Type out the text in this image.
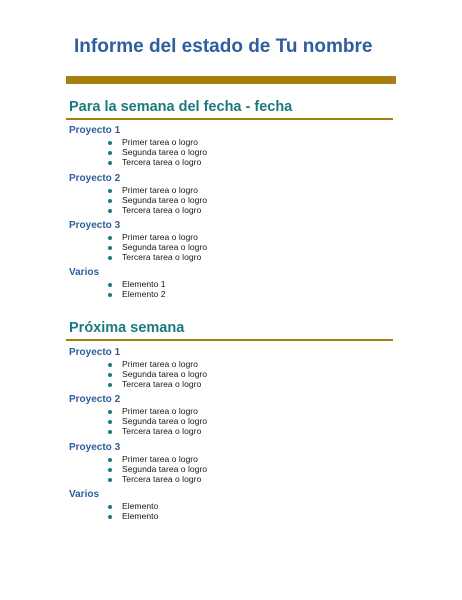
Informe del estado de Tu nombre
Para la semana del fecha - fecha
Proyecto 1
Primer tarea o logro
Segunda tarea o logro
Tercera tarea o logro
Proyecto 2
Primer tarea o logro
Segunda tarea o logro
Tercera tarea o logro
Proyecto 3
Primer tarea o logro
Segunda tarea o logro
Tercera tarea o logro
Varios
Elemento 1
Elemento 2
Próxima semana
Proyecto 1
Primer tarea o logro
Segunda tarea o logro
Tercera tarea o logro
Proyecto 2
Primer tarea o logro
Segunda tarea o logro
Tercera tarea o logro
Proyecto 3
Primer tarea o logro
Segunda tarea o logro
Tercera tarea o logro
Varios
Elemento
Elemento
